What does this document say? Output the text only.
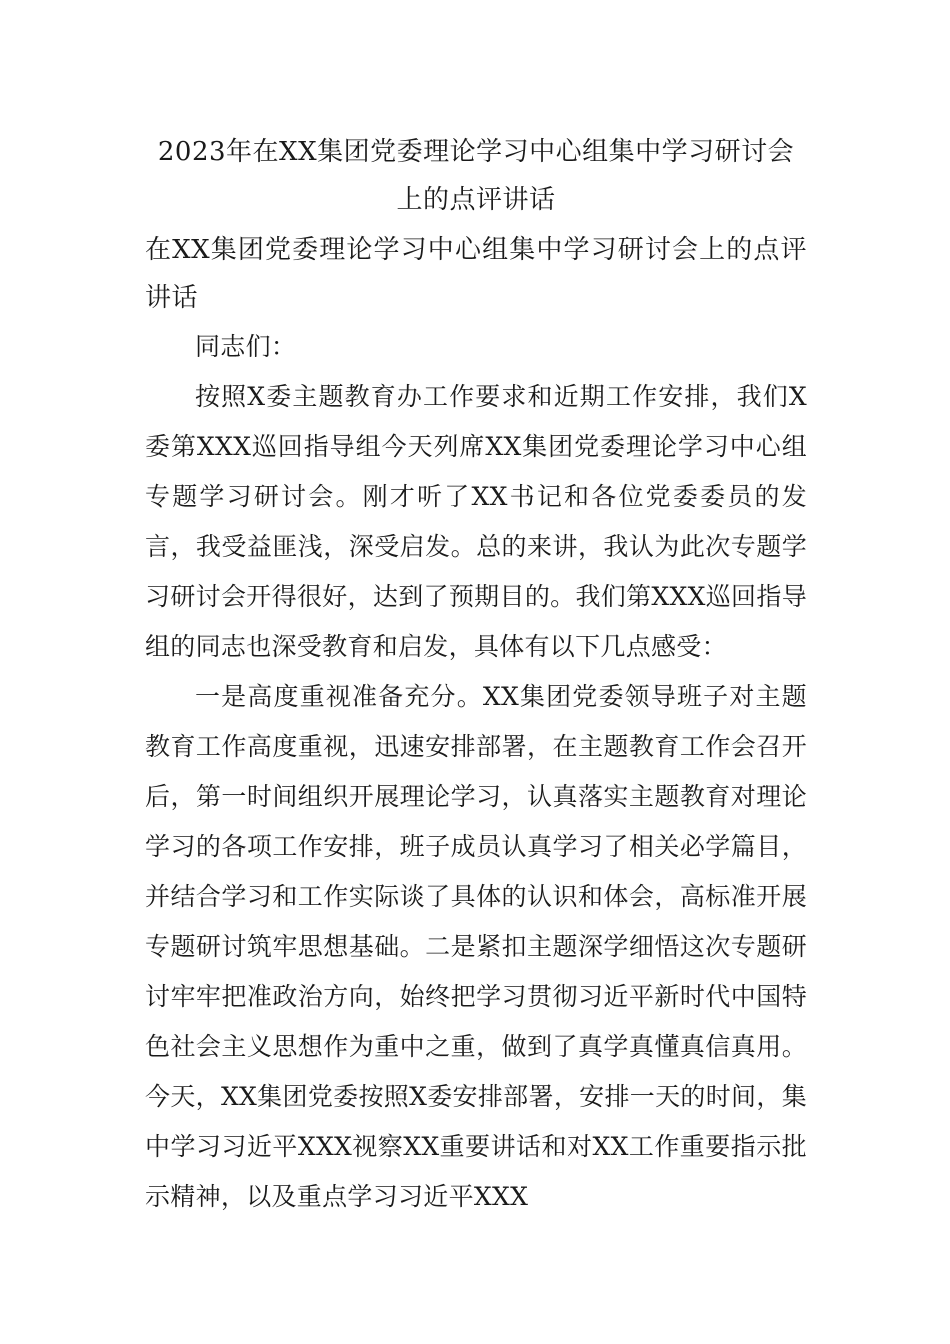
2023年在XX集团党委理论学习中心组集中学习研讨会上的点评讲话

在XX集团党委理论学习中心组集中学习研讨会上的点评讲话

同志们：

按照X委主题教育办工作要求和近期工作安排，我们X委第XXX巡回指导组今天列席XX集团党委理论学习中心组专题学习研讨会。刚才听了XX书记和各位党委委员的发言，我受益匪浅，深受启发。总的来讲，我认为此次专题学习研讨会开得很好，达到了预期目的。我们第XXX巡回指导组的同志也深受教育和启发，具体有以下几点感受：

一是高度重视准备充分。XX集团党委领导班子对主题教育工作高度重视，迅速安排部署，在主题教育工作会召开后，第一时间组织开展理论学习，认真落实主题教育对理论学习的各项工作安排，班子成员认真学习了相关必学篇目，并结合学习和工作实际谈了具体的认识和体会，高标准开展专题研讨筑牢思想基础。二是紧扣主题深学细悟这次专题研讨牢牢把准政治方向，始终把学习贯彻习近平新时代中国特色社会主义思想作为重中之重，做到了真学真懂真信真用。今天，XX集团党委按照X委安排部署，安排一天的时间，集中学习习近平XXX视察XX重要讲话和对XX工作重要指示批示精神，以及重点学习习近平XXX
